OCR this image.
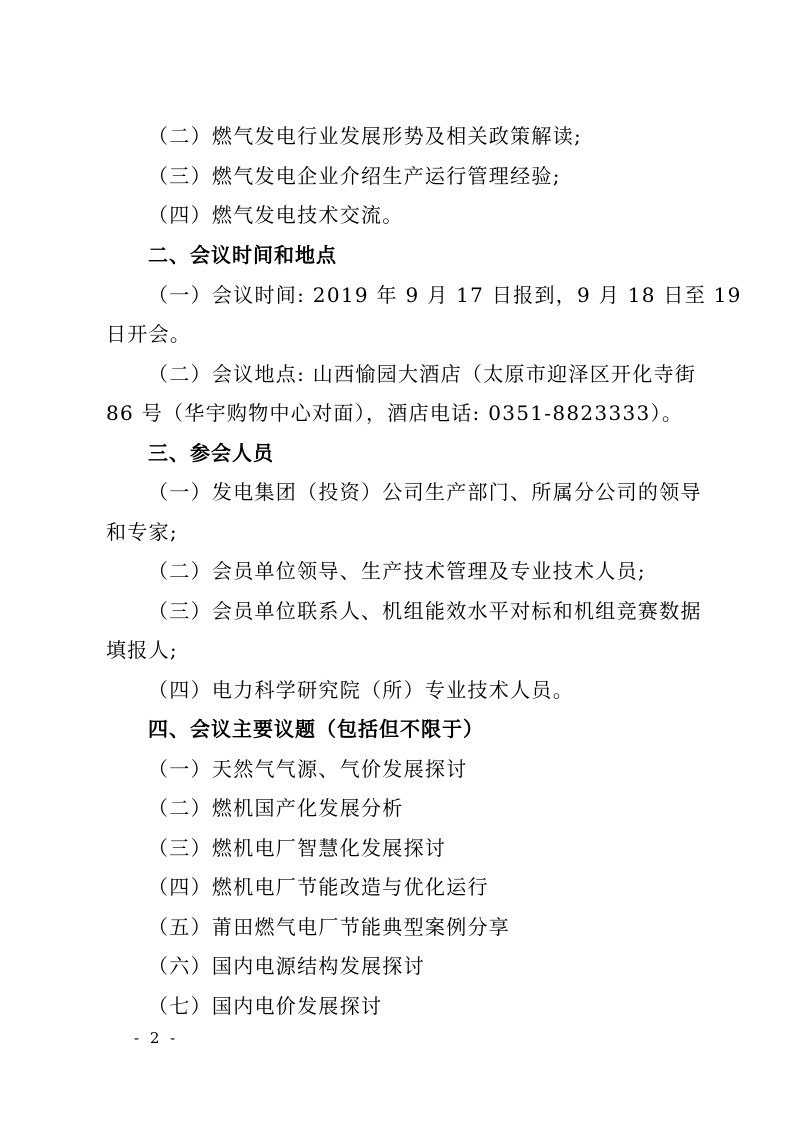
（二）燃气发电行业发展形势及相关政策解读;
（三）燃气发电企业介绍生产运行管理经验;
（四）燃气发电技术交流。
二、会议时间和地点
（一）会议时间: 2019 年 9 月 17 日报到，9 月 18 日至 19
日开会。
（二）会议地点: 山西愉园大酒店（太原市迎泽区开化寺街
86 号（华宇购物中心对面），酒店电话: 0351-8823333）。
三、参会人员
（一）发电集团（投资）公司生产部门、所属分公司的领导
和专家;
（二）会员单位领导、生产技术管理及专业技术人员;
（三）会员单位联系人、机组能效水平对标和机组竞赛数据
填报人;
（四）电力科学研究院（所）专业技术人员。
四、会议主要议题（包括但不限于）
（一）天然气气源、气价发展探讨
（二）燃机国产化发展分析
（三）燃机电厂智慧化发展探讨
（四）燃机电厂节能改造与优化运行
（五）莆田燃气电厂节能典型案例分享
（六）国内电源结构发展探讨
（七）国内电价发展探讨
- 2 -
